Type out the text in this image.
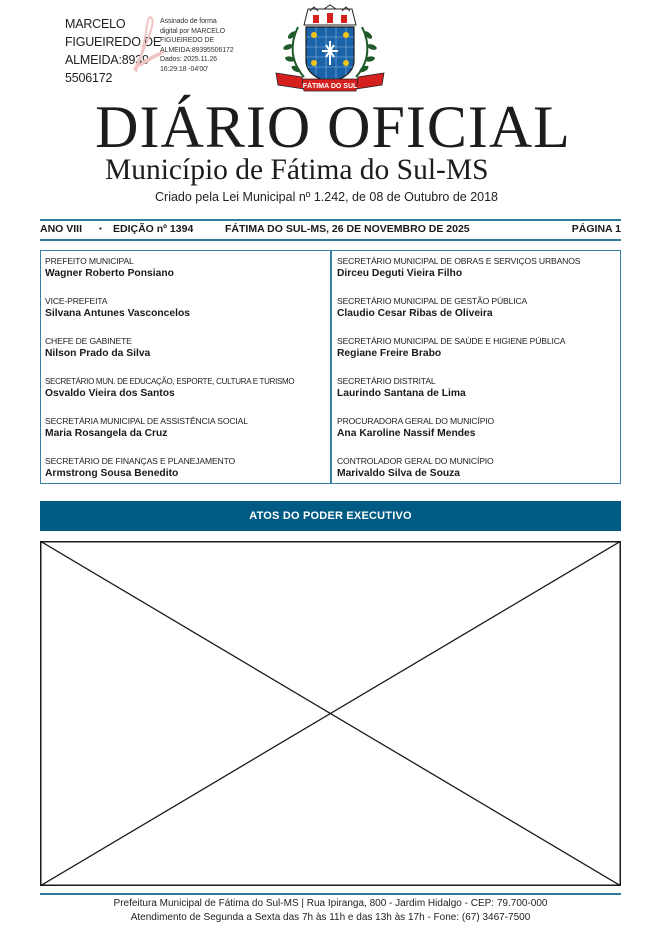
MARCELO
FIGUEIREDO DE
ALMEIDA:8939
5506172
Assinado de forma
digital por MARCELO
FIGUEIREDO DE
ALMEIDA:89395506172
Dados: 2025.11.26
16:29:18 -04'00'
FÁTIMA DO SUL
DIÁRIO OFICIAL
Município de Fátima do Sul-MS
Criado pela Lei Municipal nº 1.242, de 08 de Outubro de 2018
ANO VIII ▪ EDIÇÃO nº 1394	FÁTIMA DO SUL-MS, 26 DE NOVEMBRO DE 2025	PÁGINA 1
PREFEITO MUNICIPAL
Wagner Roberto Ponsiano
VICE-PREFEITA
Silvana Antunes Vasconcelos
CHEFE DE GABINETE
Nilson Prado da Silva
SECRETÁRIO MUN. DE EDUCAÇÃO, ESPORTE, CULTURA E TURISMO
Osvaldo Vieira dos Santos
SECRETÁRIA MUNICIPAL DE ASSISTÊNCIA SOCIAL
Maria Rosangela da Cruz
SECRETÁRIO DE FINANÇAS E PLANEJAMENTO
Armstrong Sousa Benedito
SECRETÁRIO MUNICIPAL DE OBRAS E SERVIÇOS URBANOS
Dirceu Deguti Vieira Filho
SECRETÁRIO MUNICIPAL DE GESTÃO PÚBLICA
Claudio Cesar Ribas de Oliveira
SECRETÁRIO MUNICIPAL DE SAÚDE E HIGIENE PÚBLICA
Regiane Freire Brabo
SECRETÁRIO DISTRITAL
Laurindo Santana de Lima
PROCURADORA GERAL DO MUNICÍPIO
Ana Karoline Nassif Mendes
CONTROLADOR GERAL DO MUNICÍPIO
Marivaldo Silva de Souza
ATOS DO PODER EXECUTIVO
Prefeitura Municipal de Fátima do Sul-MS | Rua Ipiranga, 800 - Jardim Hidalgo - CEP: 79.700-000
Atendimento de Segunda a Sexta das 7h às 11h e das 13h às 17h - Fone: (67) 3467-7500
